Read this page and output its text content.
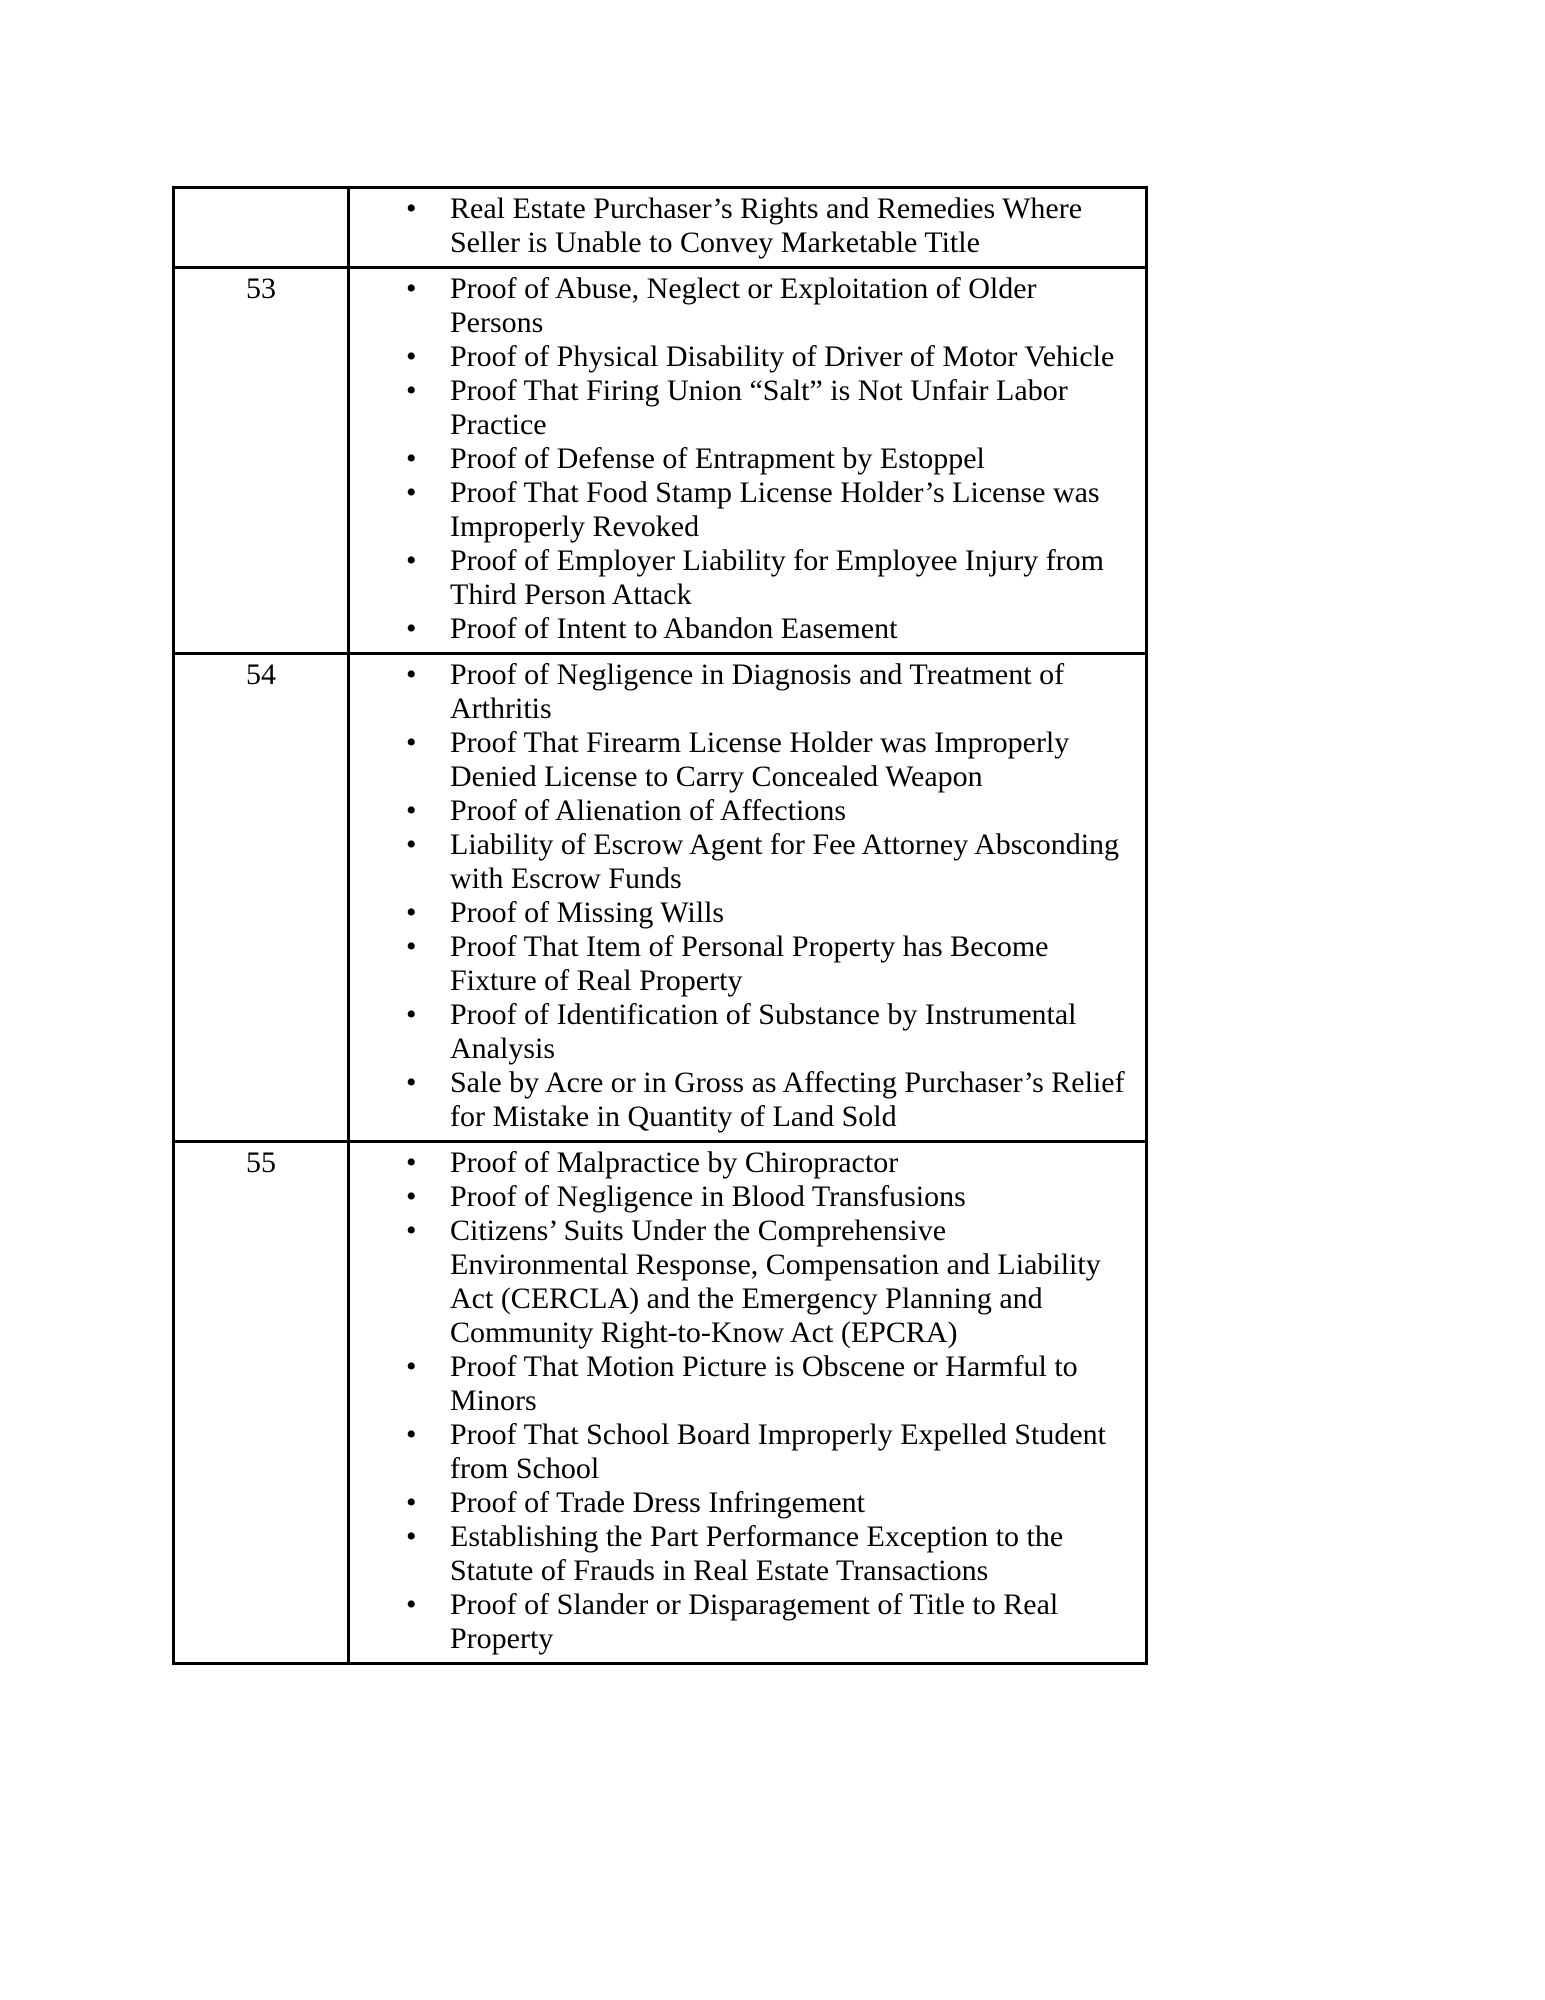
• Real Estate Purchaser’s Rights and Remedies Where Seller is Unable to Convey Marketable Title

53	• Proof of Abuse, Neglect or Exploitation of Older Persons
• Proof of Physical Disability of Driver of Motor Vehicle
• Proof That Firing Union “Salt” is Not Unfair Labor Practice
• Proof of Defense of Entrapment by Estoppel
• Proof That Food Stamp License Holder’s License was Improperly Revoked
• Proof of Employer Liability for Employee Injury from Third Person Attack
• Proof of Intent to Abandon Easement

54	• Proof of Negligence in Diagnosis and Treatment of Arthritis
• Proof That Firearm License Holder was Improperly Denied License to Carry Concealed Weapon
• Proof of Alienation of Affections
• Liability of Escrow Agent for Fee Attorney Absconding with Escrow Funds
• Proof of Missing Wills
• Proof That Item of Personal Property has Become Fixture of Real Property
• Proof of Identification of Substance by Instrumental Analysis
• Sale by Acre or in Gross as Affecting Purchaser’s Relief for Mistake in Quantity of Land Sold

55	• Proof of Malpractice by Chiropractor
• Proof of Negligence in Blood Transfusions
• Citizens’ Suits Under the Comprehensive Environmental Response, Compensation and Liability Act (CERCLA) and the Emergency Planning and Community Right-to-Know Act (EPCRA)
• Proof That Motion Picture is Obscene or Harmful to Minors
• Proof That School Board Improperly Expelled Student from School
• Proof of Trade Dress Infringement
• Establishing the Part Performance Exception to the Statute of Frauds in Real Estate Transactions
• Proof of Slander or Disparagement of Title to Real Property
